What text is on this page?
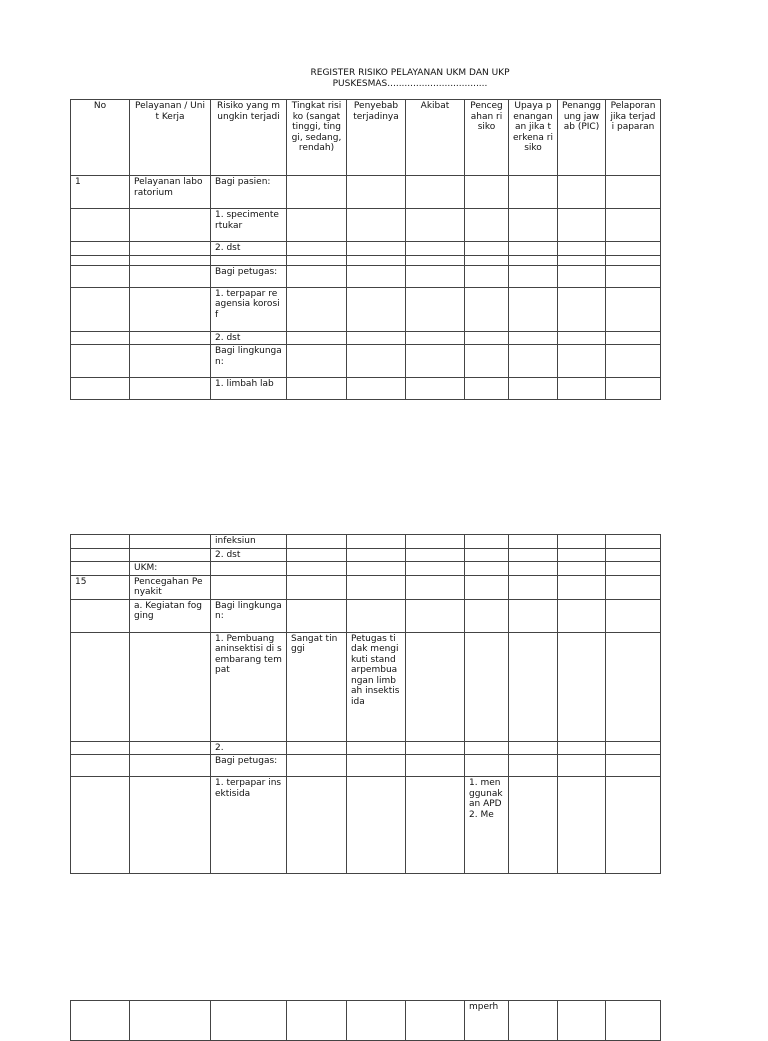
REGISTER RISIKO PELAYANAN UKM DAN UKP
PUSKESMAS...................................
No	Pelayanan / Unit Kerja	Risiko yang mungkin terjadi	Tingkat risiko (sangat tinggi, tinggi, sedang, rendah)	Penyebab terjadinya	Akibat	Pencegahan risiko	Upaya penanganan jika terkena risiko	Penanggung jawab (PIC)	Pelaporan jika terjadi paparan
1	Pelayanan laboratorium	Bagi pasien:							
		1. specimentertukar							
		2. dst							

		Bagi petugas:							
		1. terpapar reagensia korosif							
		2. dst							
		Bagi lingkungan:							
		1. limbah lab							
		infeksiun							
		2. dst							
	UKM:								
15	Pencegahan Penyakit								
	a. Kegiatan fogging	Bagi lingkungan:							
		1. Pembuang aninsektisi di sembarang tempat	Sangat tinggi	Petugas tidak mengikuti standarpembuangan limbah insektisida					
		2.							
		Bagi petugas:							
		1. terpapar insektisida				1. menggunakan APD 2. Me			
						mperh			
